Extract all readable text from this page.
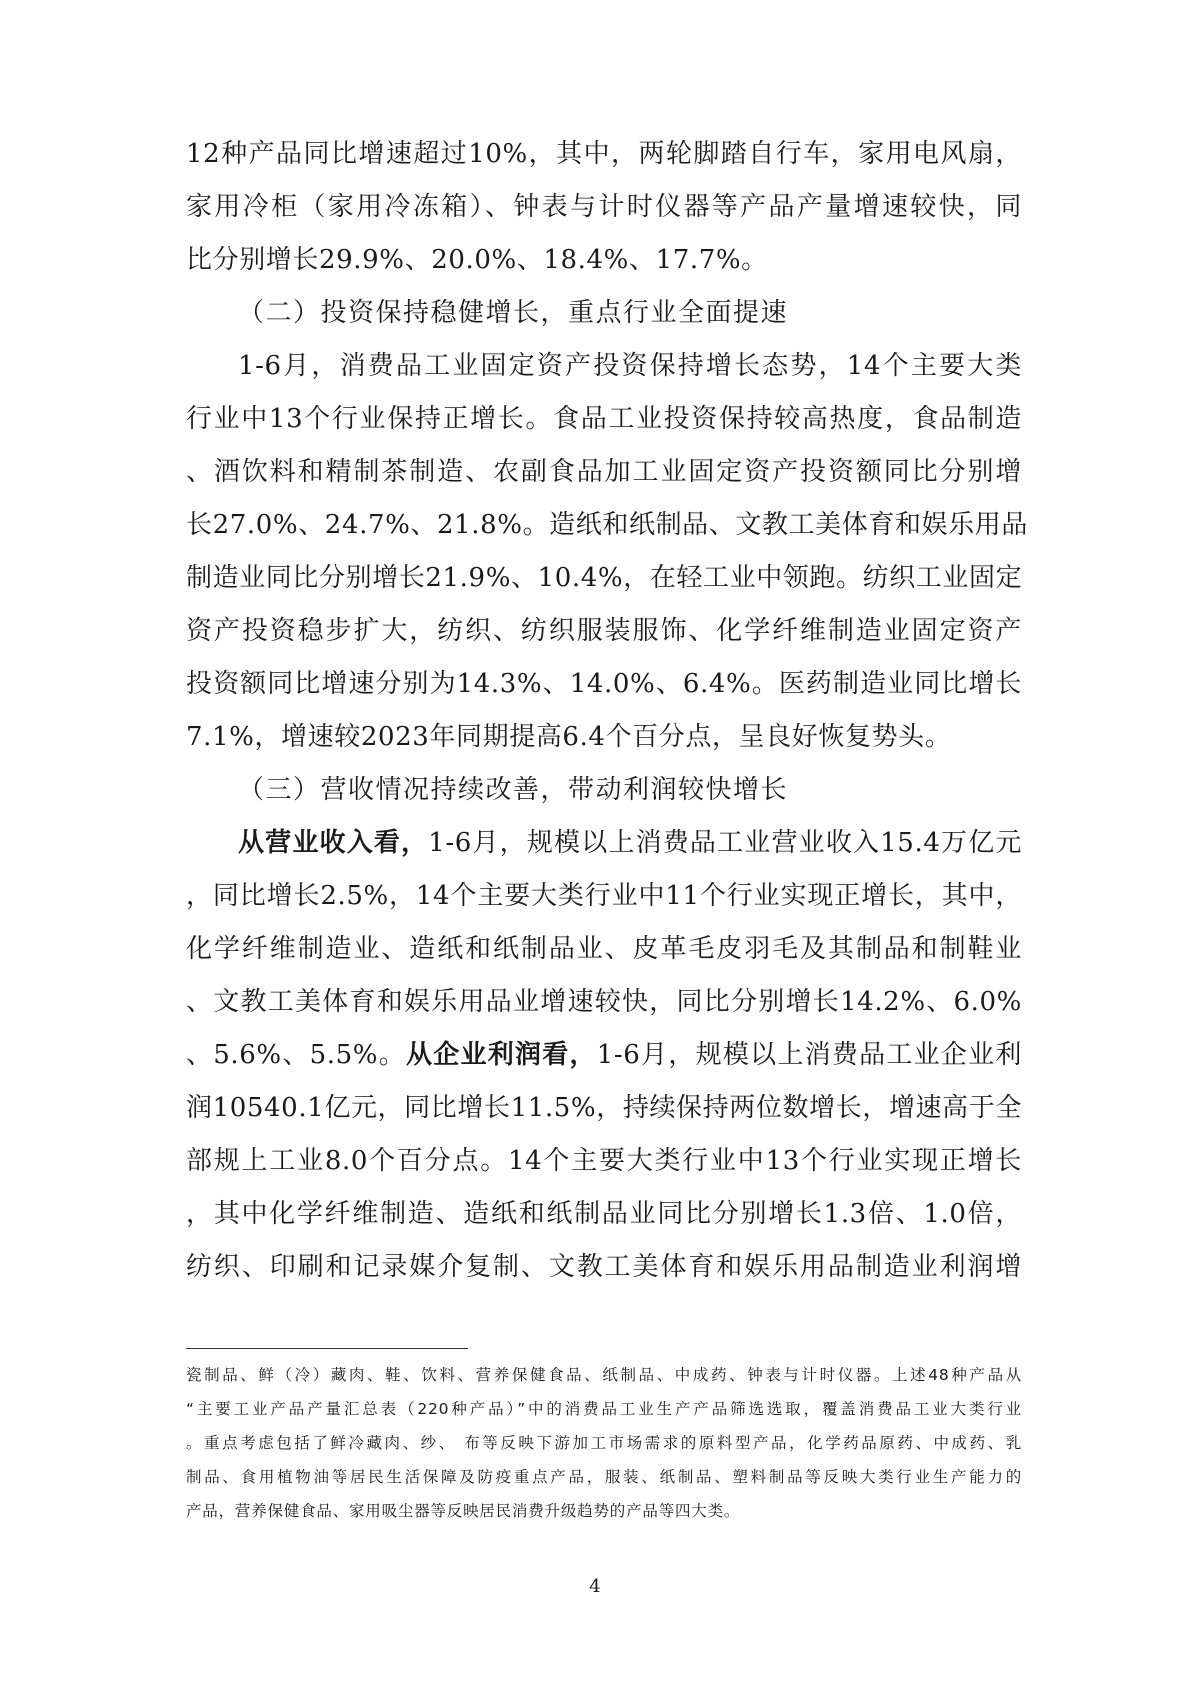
12种产品同比增速超过10%，其中，两轮脚踏自行车，家用电风扇，
家用冷柜（家用冷冻箱）、钟表与计时仪器等产品产量增速较快，同
比分别增长29.9%、20.0%、18.4%、17.7%。
（二）投资保持稳健增长，重点行业全面提速
1-6月，消费品工业固定资产投资保持增长态势，14个主要大类
行业中13个行业保持正增长。食品工业投资保持较高热度，食品制造
、酒饮料和精制茶制造、农副食品加工业固定资产投资额同比分别增
长27.0%、24.7%、21.8%。造纸和纸制品、文教工美体育和娱乐用品
制造业同比分别增长21.9%、10.4%，在轻工业中领跑。纺织工业固定
资产投资稳步扩大，纺织、纺织服装服饰、化学纤维制造业固定资产
投资额同比增速分别为14.3%、14.0%、6.4%。医药制造业同比增长
7.1%，增速较2023年同期提高6.4个百分点，呈良好恢复势头。
（三）营收情况持续改善，带动利润较快增长
从营业收入看，1-6月，规模以上消费品工业营业收入15.4万亿元
，同比增长2.5%，14个主要大类行业中11个行业实现正增长，其中，
化学纤维制造业、造纸和纸制品业、皮革毛皮羽毛及其制品和制鞋业
、文教工美体育和娱乐用品业增速较快，同比分别增长14.2%、6.0%
、5.6%、5.5%。从企业利润看，1-6月，规模以上消费品工业企业利
润10540.1亿元，同比增长11.5%，持续保持两位数增长，增速高于全
部规上工业8.0个百分点。14个主要大类行业中13个行业实现正增长
，其中化学纤维制造、造纸和纸制品业同比分别增长1.3倍、1.0倍，
纺织、印刷和记录媒介复制、文教工美体育和娱乐用品制造业利润增
瓷制品、鲜（冷）藏肉、鞋、饮料、营养保健食品、纸制品、中成药、钟表与计时仪器。上述48种产品从
“主要工业产品产量汇总表（220种产品）”中的消费品工业生产产品筛选选取，覆盖消费品工业大类行业
。重点考虑包括了鲜冷藏肉、纱、 布等反映下游加工市场需求的原料型产品，化学药品原药、中成药、乳
制品、食用植物油等居民生活保障及防疫重点产品，服装、纸制品、塑料制品等反映大类行业生产能力的
产品，营养保健食品、家用吸尘器等反映居民消费升级趋势的产品等四大类。
4
